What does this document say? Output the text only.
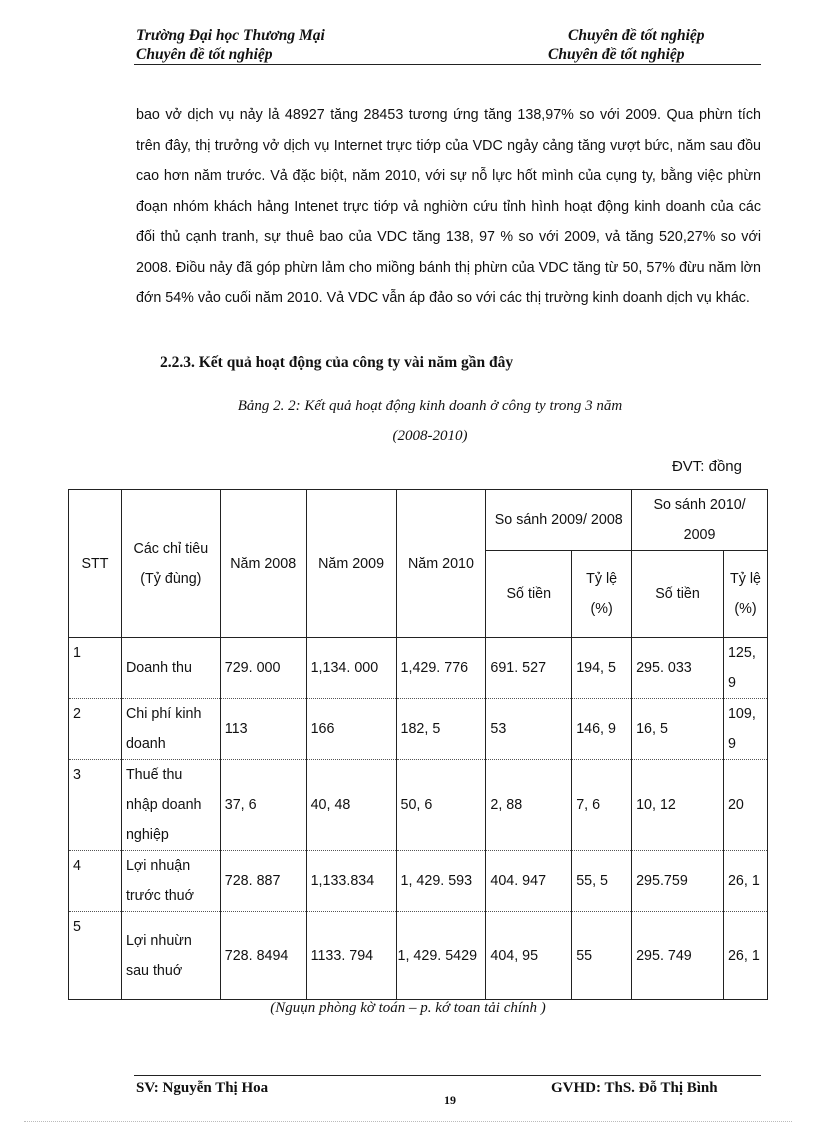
Trường Đại học Thương Mại
Chuyên đề tốt nghiệp
Chuyên đề tốt nghiệp
Chuyên đề tốt nghiệp
bao vở dịch vụ nảy lả 48927 tăng 28453 tương ứng tăng 138,97% so với 2009. Qua phừn tích trên đây, thị trưởng vở dịch vụ Internet trực tiớp của VDC ngảy cảng tăng vượt bức, năm sau đồu cao hơn năm trước. Vả đặc biột, năm 2010, với sự nỗ lực hốt mình của cụng ty, bằng việc phừn đoạn nhóm khách hảng Intenet trực tiớp vả nghiờn cứu tỉnh hình hoạt động kinh doanh của các đối thủ cạnh tranh, sự thuê bao của VDC tăng 138, 97 % so với 2009, vả tăng 520,27% so với 2008. Điồu nảy đã góp phừn lảm cho miồng bánh thị phừn của VDC tăng từ 50, 57% đừu năm lờn đớn 54% vảo cuối năm 2010. Vả VDC vẫn áp đảo so với các thị trường kinh doanh dịch vụ khác.
2.2.3. Kết quả hoạt động của công ty vài năm gần đây
Bảng 2. 2: Kết quả hoạt động kinh doanh ở công ty trong 3 năm
(2008-2010)
ĐVT: đồng
STT	Các chỉ tiêu (Tỷ đùng)	Năm 2008	Năm 2009	Năm 2010	So sánh 2009/ 2008		So sánh 2010/ 2009	
					Số tiền	Tỷ lệ (%)	Số tiền	Tỷ lệ (%)
1	Doanh thu	729. 000	1,134. 000	1,429. 776	691. 527	194, 5	295. 033	125, 9
2	Chi phí kinh doanh	113	166	182, 5	53	146, 9	16, 5	109, 9
3	Thuế thu nhập doanh nghiệp	37, 6	40, 48	50, 6	2, 88	7, 6	10, 12	20
4	Lợi nhuận trước thuớ	728. 887	1,133.834	1, 429. 593	404. 947	55, 5	295.759	26, 1
5	Lợi nhuừn sau thuớ	728. 8494	1133. 794	1, 429. 5429	404, 95	55	295. 749	26, 1
(Nguụn phòng kờ toán – p. kớ toan tải chính )
SV: Nguyễn Thị Hoa
19
GVHD: ThS. Đỗ Thị Bình
